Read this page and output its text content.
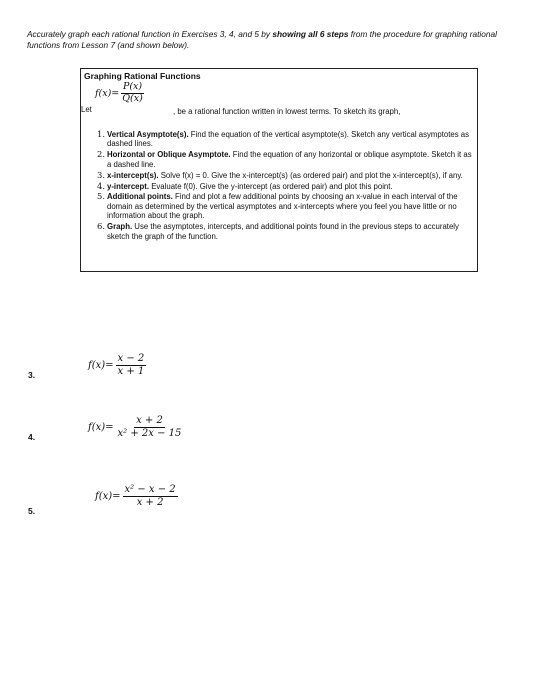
Accurately graph each rational function in Exercises 3, 4, and 5 by showing all 6 steps from the procedure for graphing rational functions from Lesson 7 (and shown below).
Graphing Rational Functions
$f(x)= \frac{P(x)}{Q(x)}$
Let	, be a rational function written in lowest terms. To sketch its graph,
1. Vertical Asymptote(s). Find the equation of the vertical asymptote(s). Sketch any vertical asymptotes as dashed lines.
2. Horizontal or Oblique Asymptote. Find the equation of any horizontal or oblique asymptote. Sketch it as a dashed line.
3. x-intercept(s). Solve f(x) = 0. Give the x-intercept(s) (as ordered pair) and plot the x-intercept(s), if any.
4. y-intercept. Evaluate f(0). Give the y-intercept (as ordered pair) and plot this point.
5. Additional points. Find and plot a few additional points by choosing an x-value in each interval of the domain as determined by the vertical asymptotes and x-intercepts where you feel you have little or no information about the graph.
6. Graph. Use the asymptotes, intercepts, and additional points found in the previous steps to accurately sketch the graph of the function.
3.
$f(x)= \frac{x - 2}{x + 1}$
4.
$f(x)= \frac{x + 2}{\text{x² + 2x − 15}}$
5.
$f(x)= \frac{\text{x² − x − 2}}{x + 2}$
